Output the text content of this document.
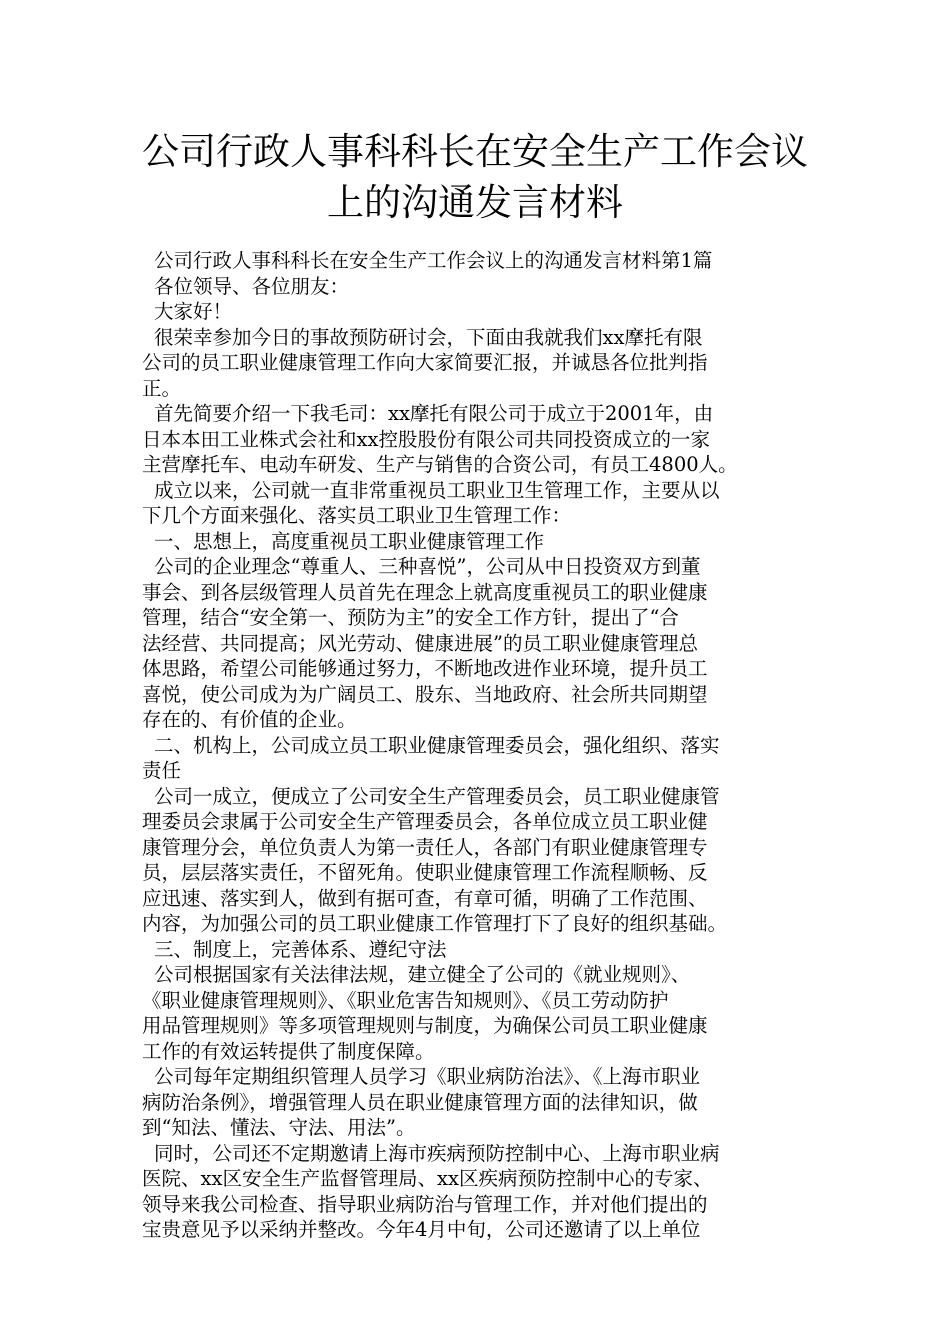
公司行政人事科科长在安全生产工作会议
上的沟通发言材料
公司行政人事科科长在安全生产工作会议上的沟通发言材料第1篇
各位领导、各位朋友：
大家好！
很荣幸参加今日的事故预防研讨会，下面由我就我们xx摩托有限
公司的员工职业健康管理工作向大家简要汇报，并诚恳各位批判指
正。
首先简要介绍一下我毛司：xx摩托有限公司于成立于2001年，由
日本本田工业株式会社和xx控股股份有限公司共同投资成立的一家
主营摩托车、电动车研发、生产与销售的合资公司，有员工4800人。
成立以来，公司就一直非常重视员工职业卫生管理工作，主要从以
下几个方面来强化、落实员工职业卫生管理工作：
一、思想上，高度重视员工职业健康管理工作
公司的企业理念“尊重人、三种喜悦”，公司从中日投资双方到董
事会、到各层级管理人员首先在理念上就高度重视员工的职业健康
管理，结合“安全第一、预防为主”的安全工作方针，提出了“合
法经营、共同提高；风光劳动、健康进展”的员工职业健康管理总
体思路，希望公司能够通过努力，不断地改进作业环境，提升员工
喜悦，使公司成为为广阔员工、股东、当地政府、社会所共同期望
存在的、有价值的企业。
二、机构上，公司成立员工职业健康管理委员会，强化组织、落实
责任
公司一成立，便成立了公司安全生产管理委员会，员工职业健康管
理委员会隶属于公司安全生产管理委员会，各单位成立员工职业健
康管理分会，单位负责人为第一责任人，各部门有职业健康管理专
员，层层落实责任，不留死角。使职业健康管理工作流程顺畅、反
应迅速、落实到人，做到有据可查，有章可循，明确了工作范围、
内容，为加强公司的员工职业健康工作管理打下了良好的组织基础。
三、制度上，完善体系、遵纪守法
公司根据国家有关法律法规，建立健全了公司的《就业规则》、
《职业健康管理规则》、《职业危害告知规则》、《员工劳动防护
用品管理规则》等多项管理规则与制度，为确保公司员工职业健康
工作的有效运转提供了制度保障。
公司每年定期组织管理人员学习《职业病防治法》、《上海市职业
病防治条例》，增强管理人员在职业健康管理方面的法律知识，做
到“知法、懂法、守法、用法”。
同时，公司还不定期邀请上海市疾病预防控制中心、上海市职业病
医院、xx区安全生产监督管理局、xx区疾病预防控制中心的专家、
领导来我公司检查、指导职业病防治与管理工作，并对他们提出的
宝贵意见予以采纳并整改。今年4月中旬，公司还邀请了以上单位
